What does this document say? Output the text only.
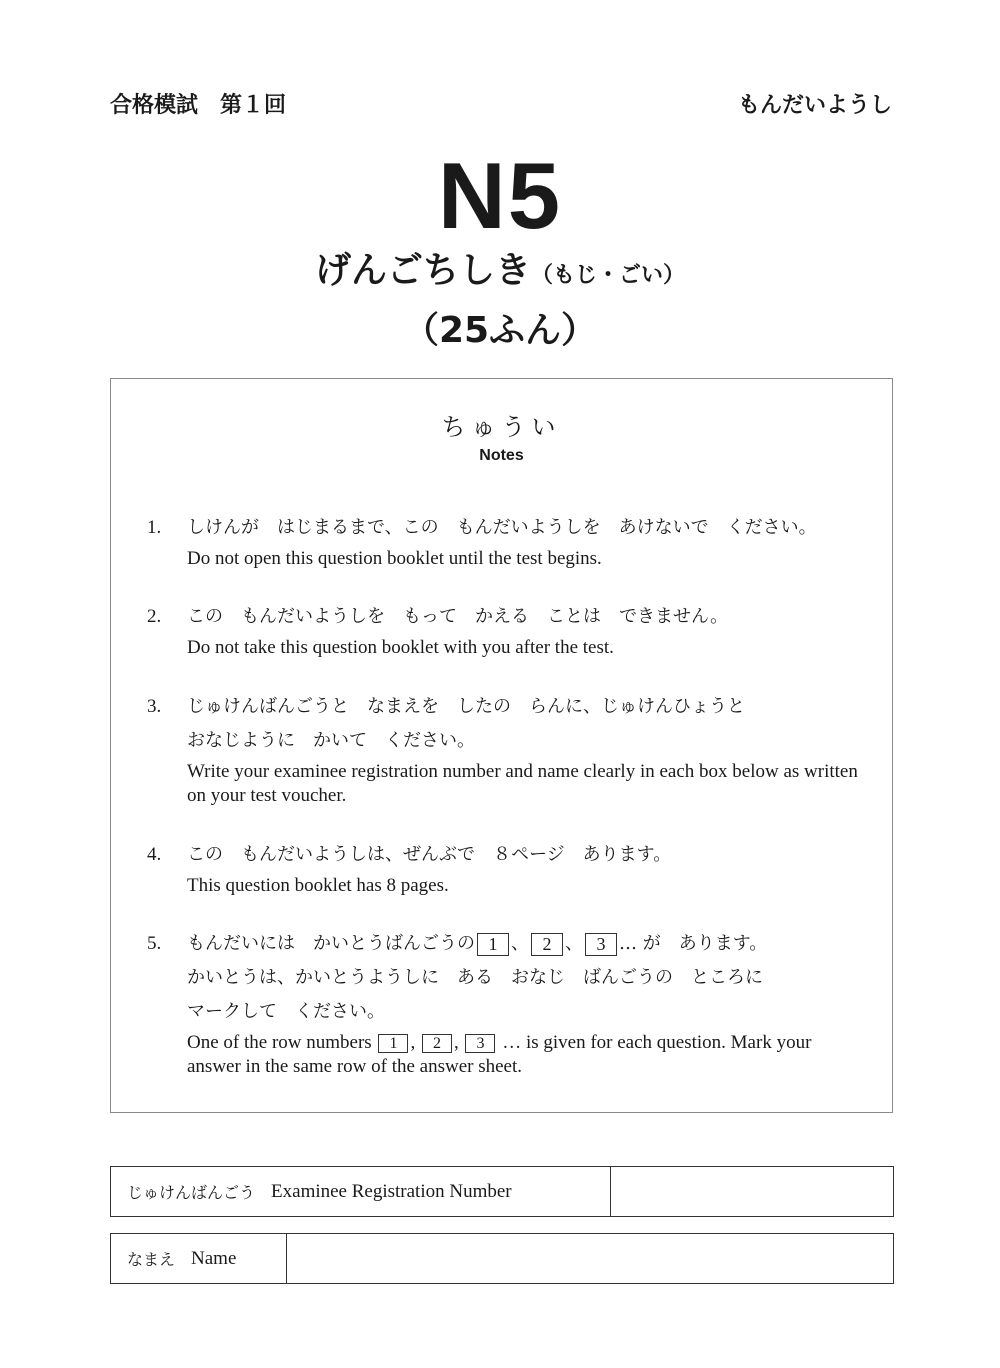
合格模試　第１回	もんだいようし
N5
げんごちしき（もじ・ごい）
（25ふん）
ちゅうい
Notes
1. しけんが　はじまるまで、この　もんだいようしを　あけないで　ください。
Do not open this question booklet until the test begins.
2. この　もんだいようしを　もって　かえる　ことは　できません。
Do not take this question booklet with you after the test.
3. じゅけんばんごうと　なまえを　したの　らんに、じゅけんひょうと
おなじように　かいて　ください。
Write your examinee registration number and name clearly in each box below as written on your test voucher.
4. この　もんだいようしは、ぜんぶで　８ページ　あります。
This question booklet has 8 pages.
5. もんだいには　かいとうばんごうの 1 、 2 、 3 … が　あります。
かいとうは、かいとうようしに　ある　おなじ　ばんごうの　ところに
マークして　ください。
One of the row numbers 1 , 2 , 3 … is given for each question. Mark your answer in the same row of the answer sheet.
じゅけんばんごう
　 Examinee Registration Number
なまえ
　 Name
